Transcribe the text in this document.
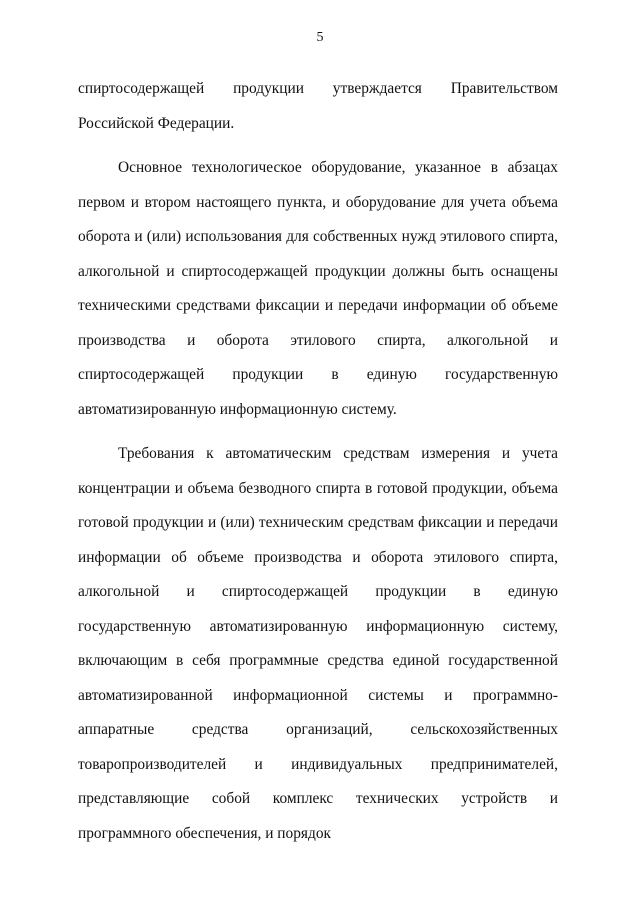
5

спиртосодержащей продукции утверждается Правительством Российской Федерации.

Основное технологическое оборудование, указанное в абзацах первом и втором настоящего пункта, и оборудование для учета объема оборота и (или) использования для собственных нужд этилового спирта, алкогольной и спиртосодержащей продукции должны быть оснащены техническими средствами фиксации и передачи информации об объеме производства и оборота этилового спирта, алкогольной и спиртосодержащей продукции в единую государственную автоматизированную информационную систему.

Требования к автоматическим средствам измерения и учета концентрации и объема безводного спирта в готовой продукции, объема готовой продукции и (или) техническим средствам фиксации и передачи информации об объеме производства и оборота этилового спирта, алкогольной и спиртосодержащей продукции в единую государственную автоматизированную информационную систему, включающим в себя программные средства единой государственной автоматизированной информационной системы и программно-аппаратные средства организаций, сельскохозяйственных товаропроизводителей и индивидуальных предпринимателей, представляющие собой комплекс технических устройств и программного обеспечения, и порядок
